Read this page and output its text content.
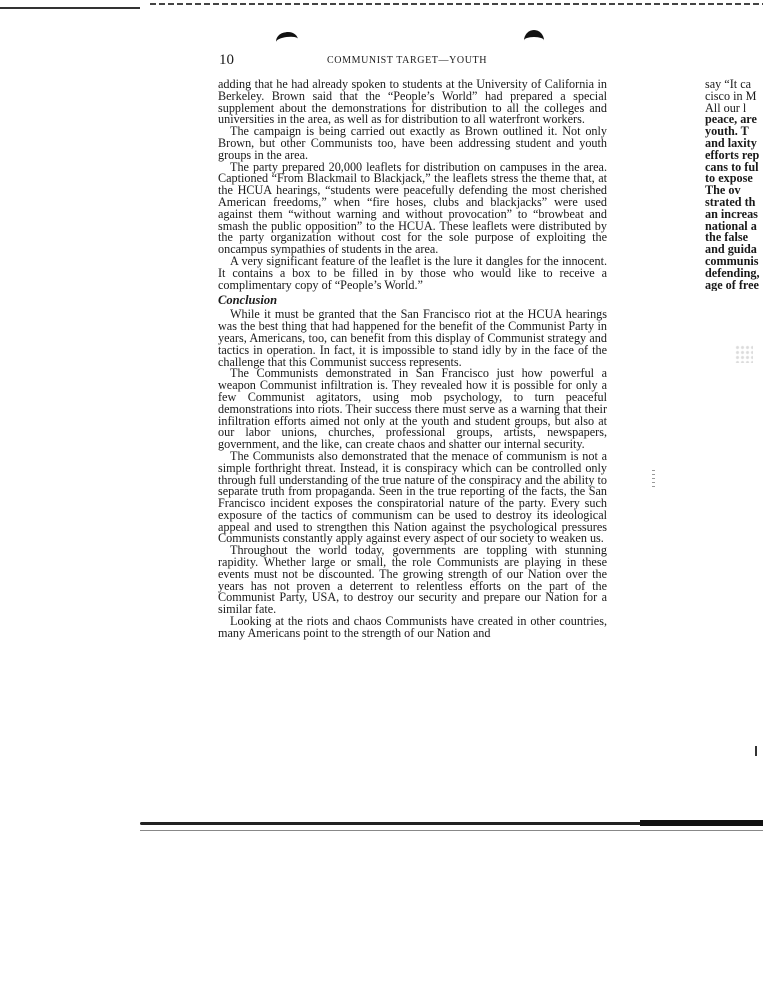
10	COMMUNIST TARGET—YOUTH

adding that he had already spoken to students at the University of California in Berkeley. Brown said that the “People’s World” had prepared a special supplement about the demonstrations for distribution to all the colleges and universities in the area, as well as for distribution to all waterfront workers.

The campaign is being carried out exactly as Brown outlined it. Not only Brown, but other Communists too, have been addressing student and youth groups in the area.

The party prepared 20,000 leaflets for distribution on campuses in the area. Captioned “From Blackmail to Blackjack,” the leaflets stress the theme that, at the HCUA hearings, “students were peacefully defending the most cherished American freedoms,” when “fire hoses, clubs and blackjacks” were used against them “without warning and without provocation” to “browbeat and smash the public opposition” to the HCUA. These leaflets were distributed by the party organization without cost for the sole purpose of exploiting the oncampus sympathies of students in the area.

A very significant feature of the leaflet is the lure it dangles for the innocent. It contains a box to be filled in by those who would like to receive a complimentary copy of “People’s World.”

Conclusion

While it must be granted that the San Francisco riot at the HCUA hearings was the best thing that had happened for the benefit of the Communist Party in years, Americans, too, can benefit from this display of Communist strategy and tactics in operation. In fact, it is impossible to stand idly by in the face of the challenge that this Communist success represents.

The Communists demonstrated in San Francisco just how powerful a weapon Communist infiltration is. They revealed how it is possible for only a few Communist agitators, using mob psychology, to turn peaceful demonstrations into riots. Their success there must serve as a warning that their infiltration efforts aimed not only at the youth and student groups, but also at our labor unions, churches, professional groups, artists, newspapers, government, and the like, can create chaos and shatter our internal security.

The Communists also demonstrated that the menace of communism is not a simple forthright threat. Instead, it is conspiracy which can be controlled only through full understanding of the true nature of the conspiracy and the ability to separate truth from propaganda. Seen in the true reporting of the facts, the San Francisco incident exposes the conspiratorial nature of the party. Every such exposure of the tactics of communism can be used to destroy its ideological appeal and used to strengthen this Nation against the psychological pressures Communists constantly apply against every aspect of our society to weaken us.

Throughout the world today, governments are toppling with stunning rapidity. Whether large or small, the role Communists are playing in these events must not be discounted. The growing strength of our Nation over the years has not proven a deterrent to relentless efforts on the part of the Communist Party, USA, to destroy our security and prepare our Nation for a similar fate.

Looking at the riots and chaos Communists have created in other countries, many Americans point to the strength of our Nation and

say “It ca
cisco in M
All our l
peace, are
youth. T
and laxity
efforts rep
cans to ful
to expose
The ov
strated th
an increas
national a
the false
and guida
communis
defending,
age of free
